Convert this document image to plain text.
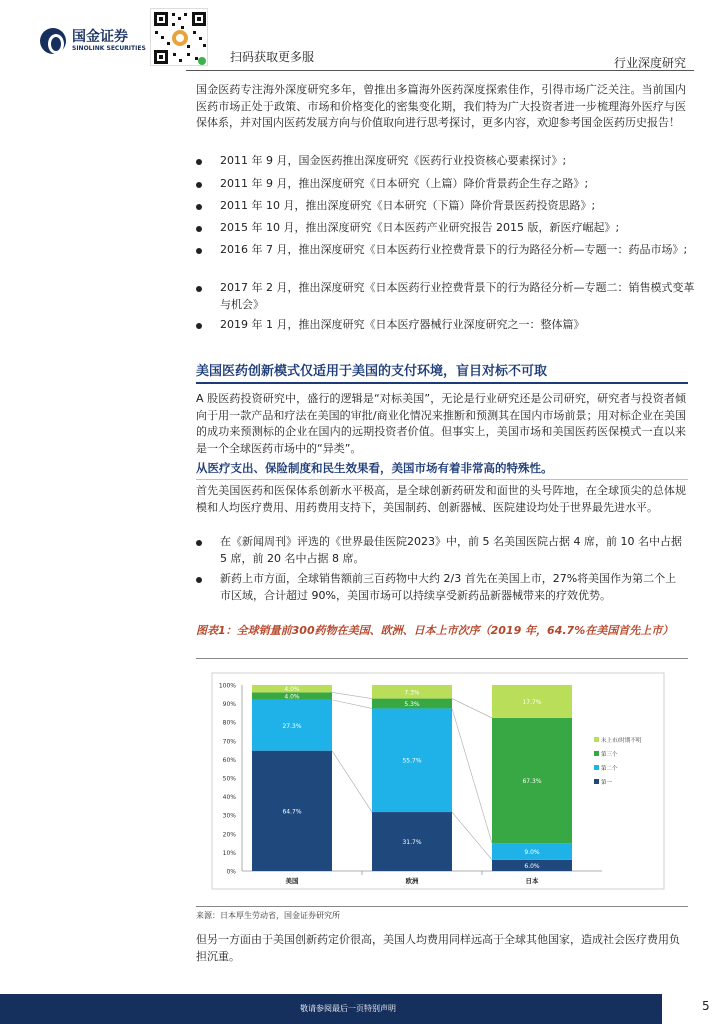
国金证券
SINOLINK SECURITIES
扫码获取更多服	行业深度研究
国金医药专注海外深度研究多年，曾推出多篇海外医药深度探索佳作，引得市场广泛关注。当前国内医药市场正处于政策、市场和价格变化的密集变化期，我们特为广大投资者进一步梳理海外医疗与医保体系，并对国内医药发展方向与价值取向进行思考探讨，更多内容，欢迎参考国金医药历史报告！
2011 年 9 月，国金医药推出深度研究《医药行业投资核心要素探讨》;
2011 年 9 月，推出深度研究《日本研究（上篇）降价背景药企生存之路》;
2011 年 10 月，推出深度研究《日本研究（下篇）降价背景医药投资思路》;
2015 年 10 月，推出深度研究《日本医药产业研究报告 2015 版，新医疗崛起》;
2016 年 7 月，推出深度研究《日本医药行业控费背景下的行为路径分析—专题一：药品市场》;
2017 年 2 月，推出深度研究《日本医药行业控费背景下的行为路径分析—专题二：销售模式变革与机会》
2019 年 1 月，推出深度研究《日本医疗器械行业深度研究之一：整体篇》
美国医药创新模式仅适用于美国的支付环境，盲目对标不可取
A 股医药投资研究中，盛行的逻辑是“对标美国”，无论是行业研究还是公司研究，研究者与投资者倾向于用一款产品和疗法在美国的审批/商业化情况来推断和预测其在国内市场前景；用对标企业在美国的成功来预测标的企业在国内的远期投资者价值。但事实上，美国市场和美国医药医保模式一直以来是一个全球医药市场中的“异类”。
从医疗支出、保险制度和民生效果看，美国市场有着非常高的特殊性。
首先美国医药和医保体系创新水平极高，是全球创新药研发和面世的头号阵地，在全球顶尖的总体规模和人均医疗费用、用药费用支持下，美国制药、创新器械、医院建设均处于世界最先进水平。
在《新闻周刊》评选的《世界最佳医院2023》中，前 5 名美国医院占据 4 席，前 10 名中占据 5 席，前 20 名中占据 8 席。
新药上市方面，全球销售额前三百药物中大约 2/3 首先在美国上市，27%将美国作为第二个上市区域，合计超过 90%，美国市场可以持续享受新药品新器械带来的疗效优势。
图表1：全球销量前300药物在美国、欧洲、日本上市次序（2019 年，64.7%在美国首先上市）
0%
10%
20%
30%
40%
50%
60%
70%
80%
90%
100%
64.7%
27.3%
4.0%
4.0%
美国
31.7%
55.7%
5.3%
7.3%
欧洲
6.0%
9.0%
67.3%
17.7%
日本
未上市/时期不明
第三个
第二个
第一
来源：日本厚生劳动省，国金证券研究所
但另一方面由于美国创新药定价很高，美国人均费用同样远高于全球其他国家，造成社会医疗费用负担沉重。
敬请参阅最后一页特别声明	5
